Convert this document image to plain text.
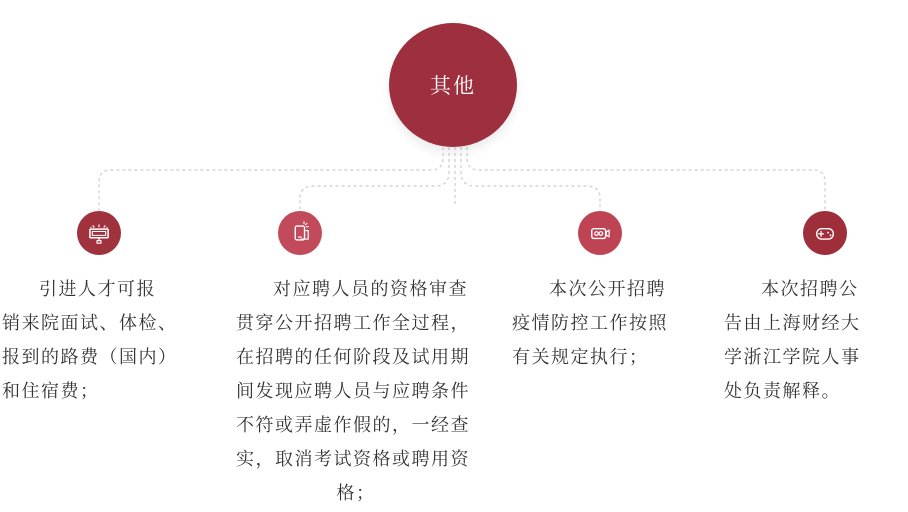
其他
引进人才可报
销来院面试、体检、
报到的路费（国内）
和住宿费；
对应聘人员的资格审查
贯穿公开招聘工作全过程，
在招聘的任何阶段及试用期
间发现应聘人员与应聘条件
不符或弄虚作假的，一经查
实，取消考试资格或聘用资
格；
本次公开招聘
疫情防控工作按照
有关规定执行；
本次招聘公
告由上海财经大
学浙江学院人事
处负责解释。
